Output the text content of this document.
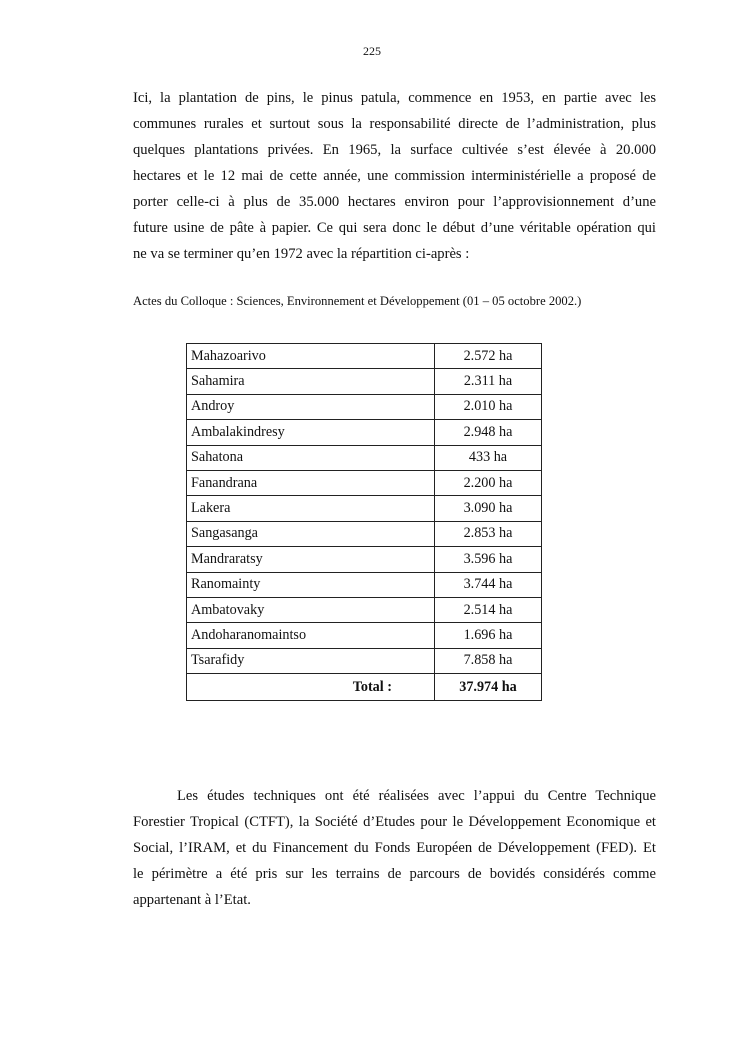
225
Ici, la plantation de pins, le pinus patula, commence en 1953, en partie avec les
communes rurales et surtout sous la responsabilité directe de l’administration, plus
quelques plantations privées. En 1965, la surface cultivée s’est élevée à 20.000
hectares et le 12 mai de cette année, une commission interministérielle a proposé de
porter celle-ci à plus de 35.000 hectares environ pour l’approvisionnement d’une
future usine de pâte à papier. Ce qui sera donc le début d’une véritable opération qui
ne va se terminer qu’en 1972 avec la répartition ci-après :
Actes du Colloque : Sciences, Environnement et Développement (01 – 05 octobre 2002.)
Mahazoarivo	2.572 ha
Sahamira	2.311 ha
Androy	2.010 ha
Ambalakindresy	2.948 ha
Sahatona	433 ha
Fanandrana	2.200 ha
Lakera	3.090 ha
Sangasanga	2.853 ha
Mandraratsy	3.596 ha
Ranomainty	3.744 ha
Ambatovaky	2.514 ha
Andoharanomaintso	1.696 ha
Tsarafidy	7.858 ha
Total :	37.974 ha
Les études techniques ont été réalisées avec l’appui du Centre Technique
Forestier Tropical (CTFT), la Société d’Etudes pour le Développement Economique et
Social, l’IRAM, et du Financement du Fonds Européen de Développement (FED). Et
le périmètre a été pris sur les terrains de parcours de bovidés considérés comme
appartenant à l’Etat.
